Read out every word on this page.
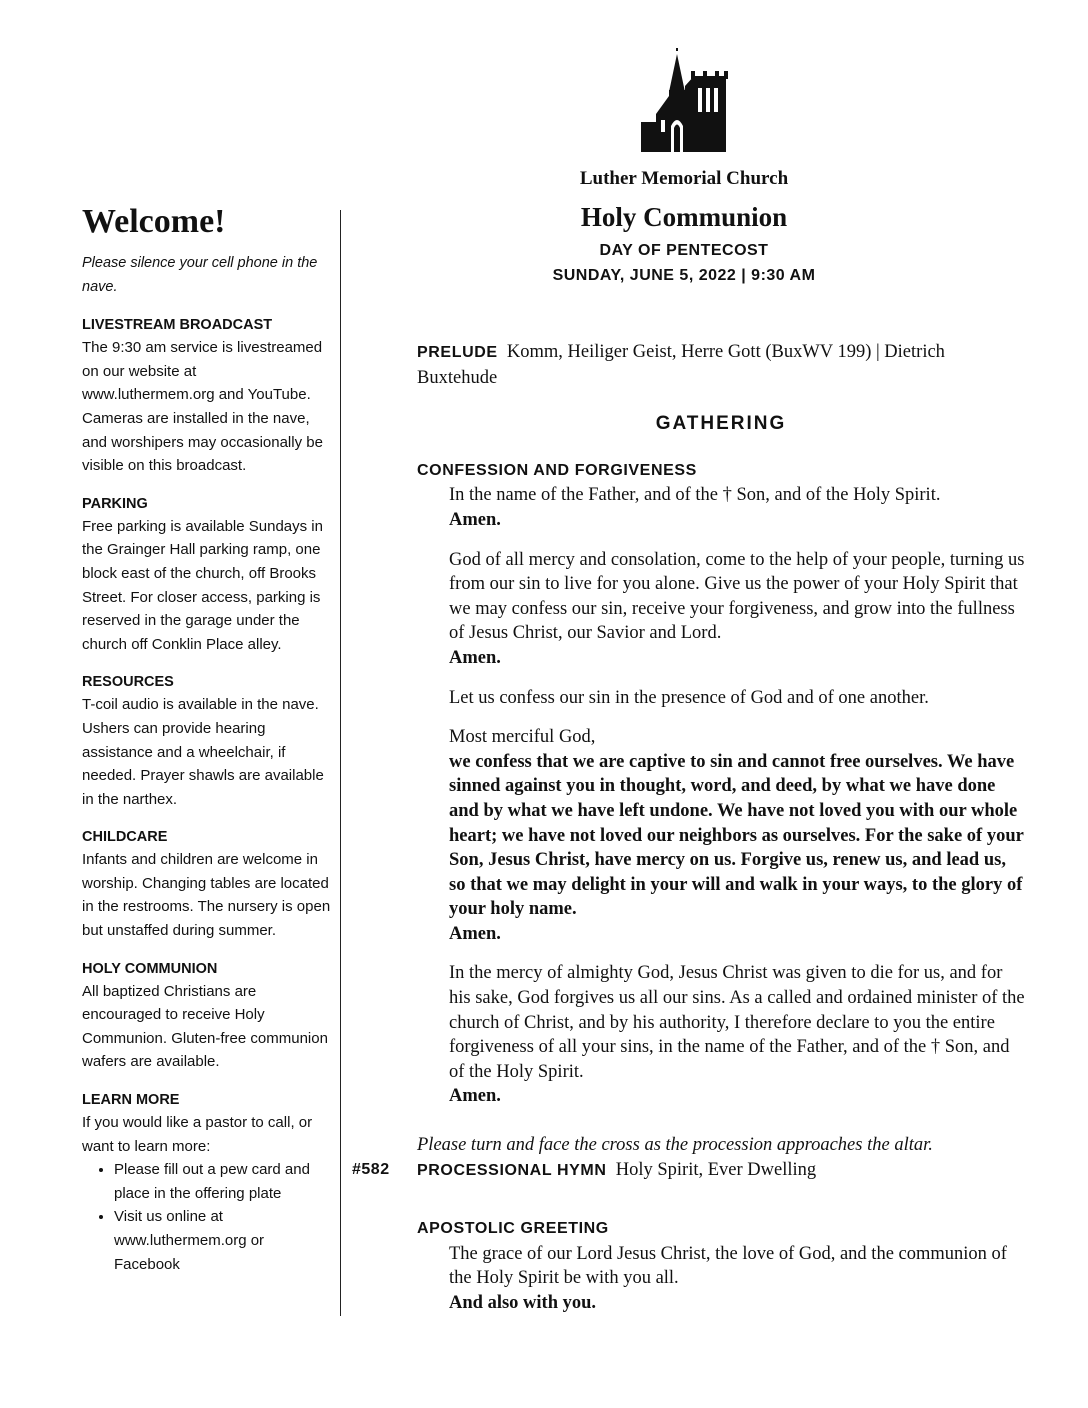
Luther Memorial Church
Holy Communion
DAY OF PENTECOST
SUNDAY, JUNE 5, 2022 | 9:30 AM
Welcome!
Please silence your cell phone in the nave.
LIVESTREAM BROADCAST
The 9:30 am service is livestreamed on our website at www.luthermem.org and YouTube. Cameras are installed in the nave, and worshipers may occasionally be visible on this broadcast.
PARKING
Free parking is available Sundays in the Grainger Hall parking ramp, one block east of the church, off Brooks Street. For closer access, parking is reserved in the garage under the church off Conklin Place alley.
RESOURCES
T-coil audio is available in the nave. Ushers can provide hearing assistance and a wheelchair, if needed. Prayer shawls are available in the narthex.
CHILDCARE
Infants and children are welcome in worship. Changing tables are located in the restrooms. The nursery is open but unstaffed during summer.
HOLY COMMUNION
All baptized Christians are encouraged to receive Holy Communion. Gluten-free communion wafers are available.
LEARN MORE
If you would like a pastor to call, or want to learn more:
• Please fill out a pew card and place in the offering plate
• Visit us online at www.luthermem.org or Facebook
PRELUDE Komm, Heiliger Geist, Herre Gott (BuxWV 199) | Dietrich Buxtehude
GATHERING
CONFESSION AND FORGIVENESS
In the name of the Father, and of the † Son, and of the Holy Spirit.
Amen.
God of all mercy and consolation, come to the help of your people, turning us from our sin to live for you alone. Give us the power of your Holy Spirit that we may confess our sin, receive your forgiveness, and grow into the fullness of Jesus Christ, our Savior and Lord.
Amen.
Let us confess our sin in the presence of God and of one another.
Most merciful God,
we confess that we are captive to sin and cannot free ourselves. We have sinned against you in thought, word, and deed, by what we have done and by what we have left undone. We have not loved you with our whole heart; we have not loved our neighbors as ourselves. For the sake of your Son, Jesus Christ, have mercy on us. Forgive us, renew us, and lead us, so that we may delight in your will and walk in your ways, to the glory of your holy name.
Amen.
In the mercy of almighty God, Jesus Christ was given to die for us, and for his sake, God forgives us all our sins. As a called and ordained minister of the church of Christ, and by his authority, I therefore declare to you the entire forgiveness of all your sins, in the name of the Father, and of the † Son, and of the Holy Spirit.
Amen.
Please turn and face the cross as the procession approaches the altar.
#582 PROCESSIONAL HYMN Holy Spirit, Ever Dwelling
APOSTOLIC GREETING
The grace of our Lord Jesus Christ, the love of God, and the communion of the Holy Spirit be with you all.
And also with you.
